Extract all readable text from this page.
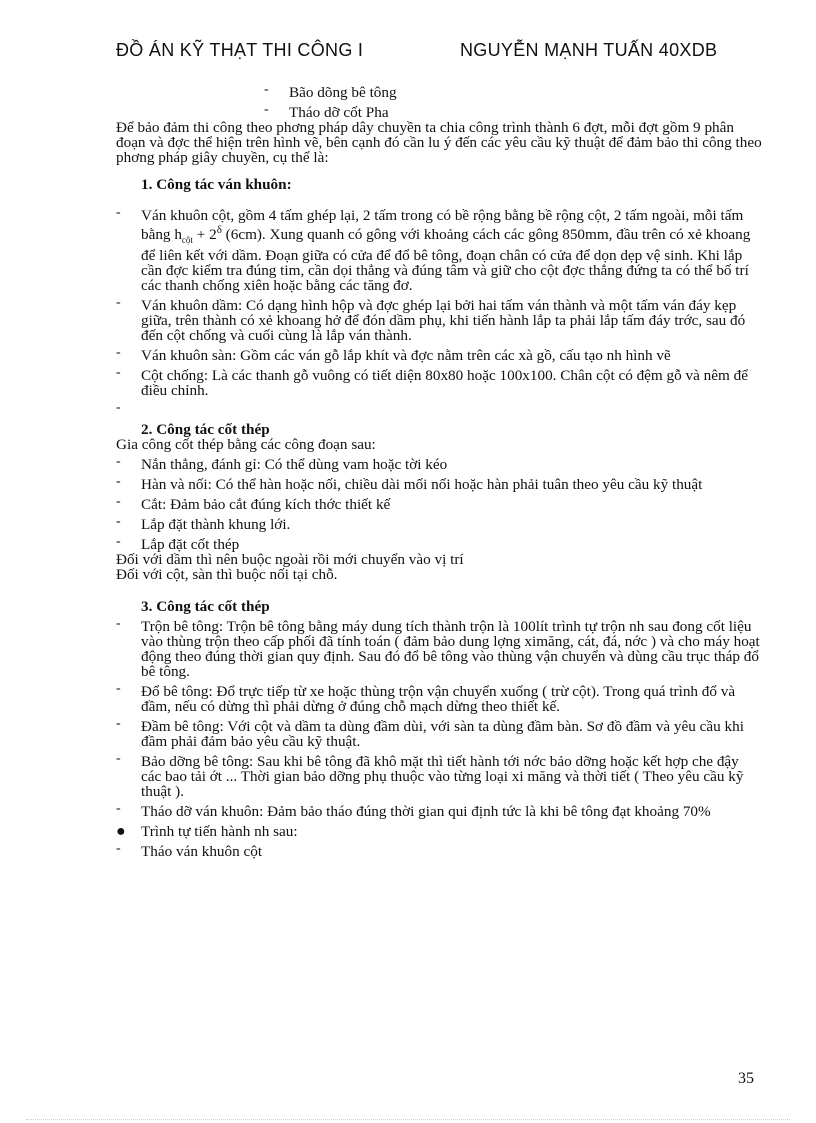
ĐỒ ÁN KỸ THẠT THI CÔNG I	NGUYỄN MẠNH TUẤN 40XDB
- Bão dõng bê tông
- Tháo dỡ cốt Pha

Để bảo đảm thi công theo phơng pháp dây chuyền ta chia công trình thành 6 đợt, mỗi đợt gồm 9 phân đoạn và đợc thể hiện trên hình vẽ, bên cạnh đó cần lu ý đến các yêu cầu kỹ thuật để đảm bảo thi công theo phơng pháp giây chuyền, cụ thể là:

1. Công tác ván khuôn:
- Ván khuôn cột, gồm 4 tấm ghép lại, 2 tấm trong có bề rộng bằng bề rộng cột, 2 tấm ngoài, mỗi tấm bằng $h_{cột} + 2^\delta$ (6cm). Xung quanh có gông với khoảng cách các gông 850mm, đầu trên có xẻ khoang để liên kết với dầm. Đoạn giữa có cửa để đổ bê tông, đoạn chân có cửa để dọn dẹp vệ sinh. Khi lắp cần đợc kiểm tra đúng tim, cần dọi thẳng và đúng tâm và giữ cho cột đợc thẳng đứng ta có thể bố trí các thanh chống xiên hoặc bằng các tăng đơ.
- Ván khuôn dầm: Có dạng hình hộp và đợc ghép lại bởi hai tấm ván thành và một tấm ván đáy kẹp giữa, trên thành có xẻ khoang hở để đón dầm phụ, khi tiến hành lắp ta phải lắp tấm đáy trớc, sau đó đến cột chống và cuối cùng là lắp ván thành.
- Ván khuôn sàn: Gồm các ván gỗ lắp khít và đợc nằm trên các xà gồ, cấu tạo nh hình vẽ
- Cột chống: Là các thanh gỗ vuông có tiết diện 80x80 hoặc 100x100. Chân cột có đệm gỗ và nêm để điều chỉnh.
-

2. Công tác cốt thép

Gia công cốt thép bằng các công đoạn sau:

- Nắn thẳng, đánh gỉ: Có thể dùng vam hoặc tời kéo
- Hàn và nối: Có thể hàn hoặc nối, chiều dài mối nối hoặc hàn phải tuân theo yêu cầu kỹ thuật
- Cắt: Đảm bảo cắt đúng kích thớc thiết kế
- Lắp đặt thành khung lới.
- Lắp đặt cốt thép

Đối với dầm thì nên buộc ngoài rồi mới chuyển vào vị trí

Đối với cột, sàn thì buộc nối tại chỗ.

3. Công tác cốt thép
- Trộn bê tông: Trộn bê tông bằng máy dung tích thành trộn là 100lít trình tự trộn nh sau đong cốt liệu vào thùng trộn theo cấp phối đã tính toán ( đảm bảo dung lợng ximăng, cát, đá, nớc ) và cho máy hoạt động theo đúng thời gian quy định. Sau đó đổ bê tông vào thùng vận chuyển và dùng cầu trục tháp đổ bê tông.
- Đổ bê tông: Đổ trực tiếp từ xe hoặc thùng trộn vận chuyển xuống ( trừ cột). Trong quá trình đổ và đầm, nếu có dừng thì phải dừng ở đúng chỗ mạch dừng theo thiết kế.
- Đầm bê tông: Với cột và dầm ta dùng đầm dùi, với sàn ta dùng đầm bàn. Sơ đồ đầm và yêu cầu khi đầm phải đảm bảo yêu cầu kỹ thuật.
- Bảo dỡng bê tông: Sau khi bê tông đã khô mặt thì tiết hành tới nớc bảo dỡng hoặc kết hợp che đậy các bao tải ớt ... Thời gian bảo dỡng phụ thuộc vào từng loại xi măng và thời tiết ( Theo yêu cầu kỹ thuật ).
- Tháo dỡ ván khuôn: Đảm bảo tháo đúng thời gian qui định tức là khi bê tông đạt khoảng 70%
● Trình tự tiến hành nh sau:
- Tháo ván khuôn cột
35
